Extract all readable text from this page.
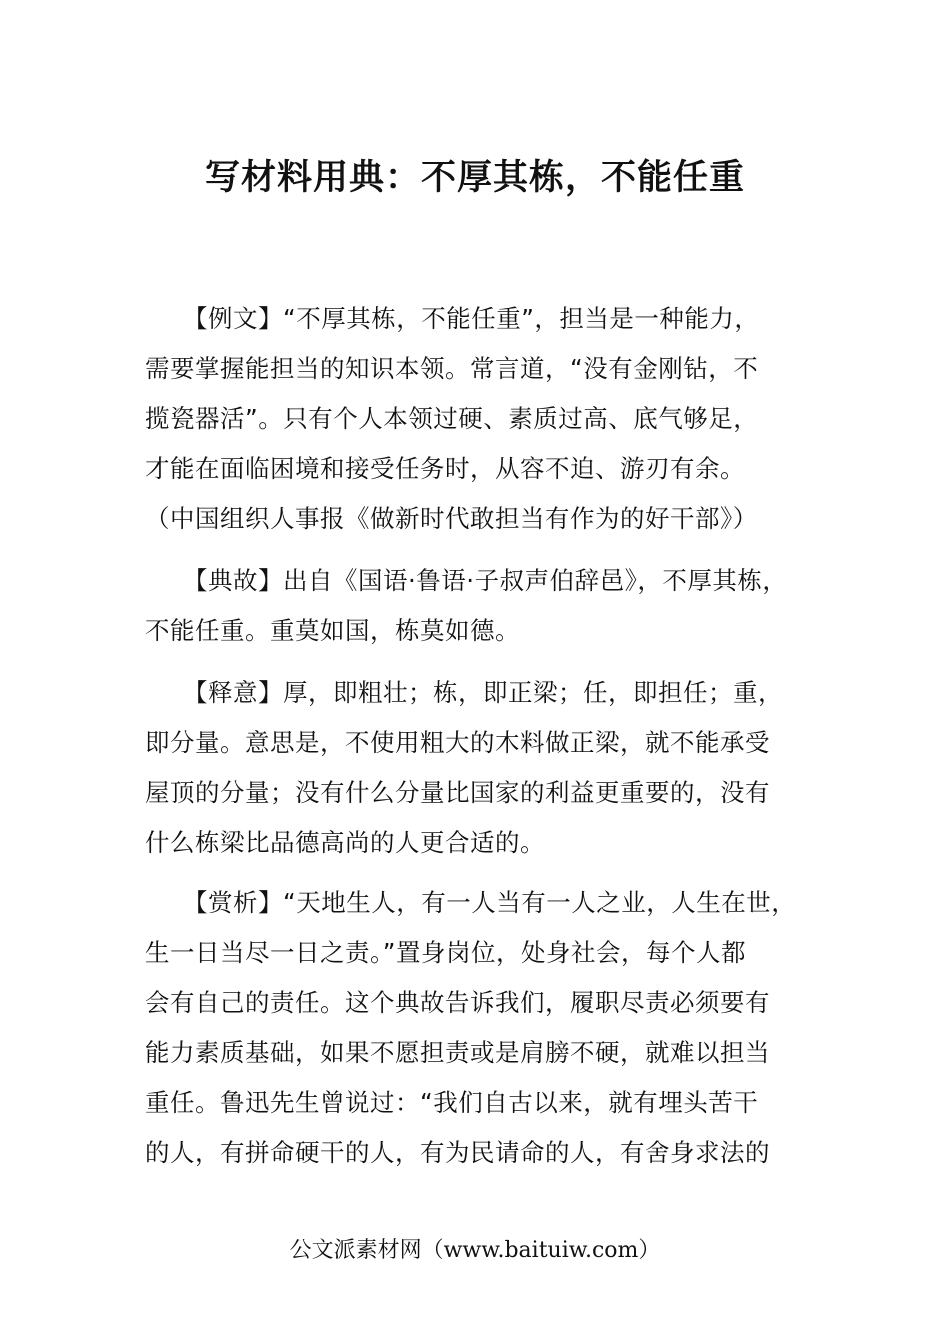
写材料用典：不厚其栋，不能任重
【例文】“不厚其栋，不能任重”，担当是一种能力，
需要掌握能担当的知识本领。常言道，“没有金刚钻，不
揽瓷器活”。只有个人本领过硬、素质过高、底气够足，
才能在面临困境和接受任务时，从容不迫、游刃有余。
（中国组织人事报《做新时代敢担当有作为的好干部》）
【典故】出自《国语·鲁语·子叔声伯辞邑》，不厚其栋，
不能任重。重莫如国，栋莫如德。
【释意】厚，即粗壮；栋，即正梁；任，即担任；重，
即分量。意思是，不使用粗大的木料做正梁，就不能承受
屋顶的分量；没有什么分量比国家的利益更重要的，没有
什么栋梁比品德高尚的人更合适的。
【赏析】“天地生人，有一人当有一人之业，人生在世，
生一日当尽一日之责。”置身岗位，处身社会，每个人都
会有自己的责任。这个典故告诉我们，履职尽责必须要有
能力素质基础，如果不愿担责或是肩膀不硬，就难以担当
重任。鲁迅先生曾说过：“我们自古以来，就有埋头苦干
的人，有拼命硬干的人，有为民请命的人，有舍身求法的
公文派素材网（www.baituiw.com）
